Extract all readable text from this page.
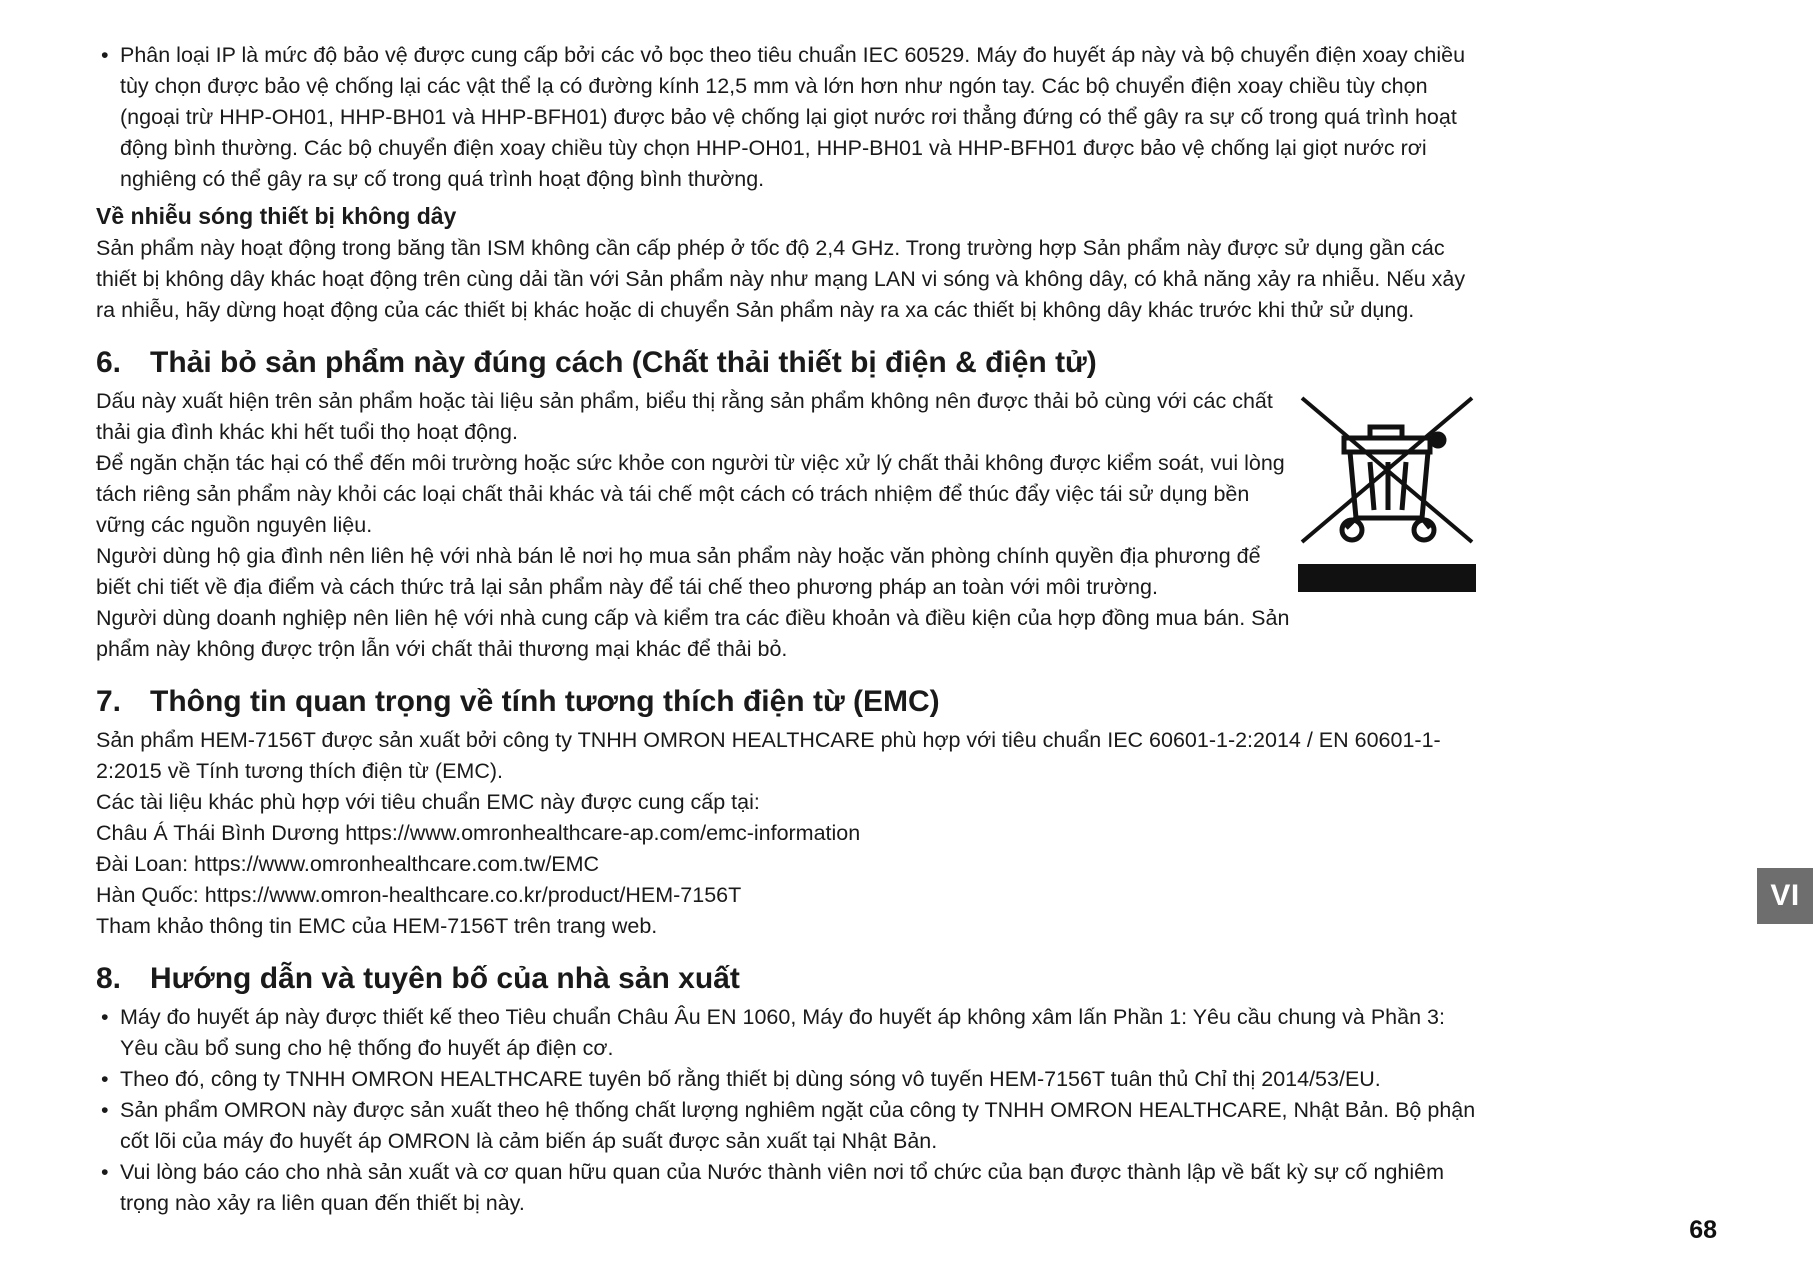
• Phân loại IP là mức độ bảo vệ được cung cấp bởi các vỏ bọc theo tiêu chuẩn IEC 60529. Máy đo huyết áp này và bộ chuyển điện xoay chiều tùy chọn được bảo vệ chống lại các vật thể lạ có đường kính 12,5 mm và lớn hơn như ngón tay. Các bộ chuyển điện xoay chiều tùy chọn (ngoại trừ HHP-OH01, HHP-BH01 và HHP-BFH01) được bảo vệ chống lại giọt nước rơi thẳng đứng có thể gây ra sự cố trong quá trình hoạt động bình thường. Các bộ chuyển điện xoay chiều tùy chọn HHP-OH01, HHP-BH01 và HHP-BFH01 được bảo vệ chống lại giọt nước rơi nghiêng có thể gây ra sự cố trong quá trình hoạt động bình thường.
Về nhiễu sóng thiết bị không dây

Sản phẩm này hoạt động trong băng tần ISM không cần cấp phép ở tốc độ 2,4 GHz. Trong trường hợp Sản phẩm này được sử dụng gần các thiết bị không dây khác hoạt động trên cùng dải tần với Sản phẩm này như mạng LAN vi sóng và không dây, có khả năng xảy ra nhiễu. Nếu xảy ra nhiễu, hãy dừng hoạt động của các thiết bị khác hoặc di chuyển Sản phẩm này ra xa các thiết bị không dây khác trước khi thử sử dụng.

6. Thải bỏ sản phẩm này đúng cách (Chất thải thiết bị điện & điện tử)

Dấu này xuất hiện trên sản phẩm hoặc tài liệu sản phẩm, biểu thị rằng sản phẩm không nên được thải bỏ cùng với các chất thải gia đình khác khi hết tuổi thọ hoạt động.

Để ngăn chặn tác hại có thể đến môi trường hoặc sức khỏe con người từ việc xử lý chất thải không được kiểm soát, vui lòng tách riêng sản phẩm này khỏi các loại chất thải khác và tái chế một cách có trách nhiệm để thúc đẩy việc tái sử dụng bền vững các nguồn nguyên liệu.

Người dùng hộ gia đình nên liên hệ với nhà bán lẻ nơi họ mua sản phẩm này hoặc văn phòng chính quyền địa phương để biết chi tiết về địa điểm và cách thức trả lại sản phẩm này để tái chế theo phương pháp an toàn với môi trường.

Người dùng doanh nghiệp nên liên hệ với nhà cung cấp và kiểm tra các điều khoản và điều kiện của hợp đồng mua bán. Sản phẩm này không được trộn lẫn với chất thải thương mại khác để thải bỏ.

7. Thông tin quan trọng về tính tương thích điện từ (EMC)

Sản phẩm HEM-7156T được sản xuất bởi công ty TNHH OMRON HEALTHCARE phù hợp với tiêu chuẩn IEC 60601-1-2:2014 / EN 60601-1-2:2015 về Tính tương thích điện từ (EMC).

Các tài liệu khác phù hợp với tiêu chuẩn EMC này được cung cấp tại:

Châu Á Thái Bình Dương https://www.omronhealthcare-ap.com/emc-information

Đài Loan: https://www.omronhealthcare.com.tw/EMC

Hàn Quốc: https://www.omron-healthcare.co.kr/product/HEM-7156T

Tham khảo thông tin EMC của HEM-7156T trên trang web.

8. Hướng dẫn và tuyên bố của nhà sản xuất
• Máy đo huyết áp này được thiết kế theo Tiêu chuẩn Châu Âu EN 1060, Máy đo huyết áp không xâm lấn Phần 1: Yêu cầu chung và Phần 3: Yêu cầu bổ sung cho hệ thống đo huyết áp điện cơ.
• Theo đó, công ty TNHH OMRON HEALTHCARE tuyên bố rằng thiết bị dùng sóng vô tuyến HEM-7156T tuân thủ Chỉ thị 2014/53/EU.
• Sản phẩm OMRON này được sản xuất theo hệ thống chất lượng nghiêm ngặt của công ty TNHH OMRON HEALTHCARE, Nhật Bản. Bộ phận cốt lõi của máy đo huyết áp OMRON là cảm biến áp suất được sản xuất tại Nhật Bản.
• Vui lòng báo cáo cho nhà sản xuất và cơ quan hữu quan của Nước thành viên nơi tổ chức của bạn được thành lập về bất kỳ sự cố nghiêm trọng nào xảy ra liên quan đến thiết bị này.
VI
68
